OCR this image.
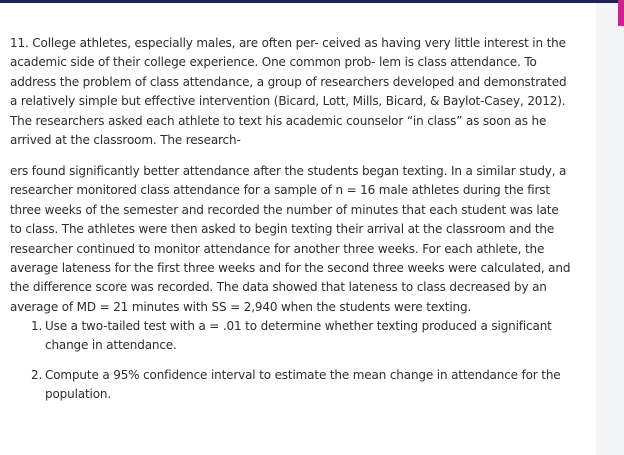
11. College athletes, especially males, are often per- ceived as having very little interest in the
academic side of their college experience. One common prob- lem is class attendance. To
address the problem of class attendance, a group of researchers developed and demonstrated
a relatively simple but effective intervention (Bicard, Lott, Mills, Bicard, & Baylot-Casey, 2012).
The researchers asked each athlete to text his academic counselor “in class” as soon as he
arrived at the classroom. The research-

ers found significantly better attendance after the students began texting. In a similar study, a
researcher monitored class attendance for a sample of n = 16 male athletes during the first
three weeks of the semester and recorded the number of minutes that each student was late
to class. The athletes were then asked to begin texting their arrival at the classroom and the
researcher continued to monitor attendance for another three weeks. For each athlete, the
average lateness for the first three weeks and for the second three weeks were calculated, and
the difference score was recorded. The data showed that lateness to class decreased by an
average of MD = 21 minutes with SS = 2,940 when the students were texting.

1. Use a two-tailed test with a = .01 to determine whether texting produced a significant
change in attendance.
2. Compute a 95% confidence interval to estimate the mean change in attendance for the
population.
